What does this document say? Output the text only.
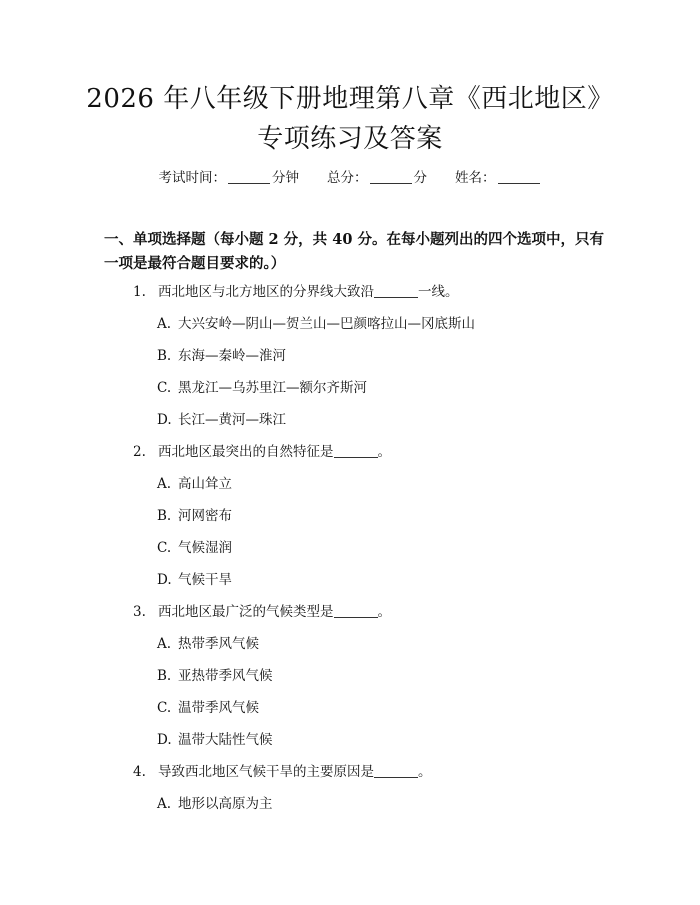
2026 年八年级下册地理第八章《西北地区》
专项练习及答案
考试时间：	分钟 总分：	分 姓名：
一、单项选择题（每小题 2 分，共 40 分。在每小题列出的四个选项中，只有一项是最符合题目要求的。）
1. 西北地区与北方地区的分界线大致沿	一线。
A. 大兴安岭—阴山—贺兰山—巴颜喀拉山—冈底斯山
B. 东海—秦岭—淮河
C. 黑龙江—乌苏里江—额尔齐斯河
D. 长江—黄河—珠江
2. 西北地区最突出的自然特征是	。
A. 高山耸立
B. 河网密布
C. 气候湿润
D. 气候干旱
3. 西北地区最广泛的气候类型是	。
A. 热带季风气候
B. 亚热带季风气候
C. 温带季风气候
D. 温带大陆性气候
4. 导致西北地区气候干旱的主要原因是	。
A. 地形以高原为主
